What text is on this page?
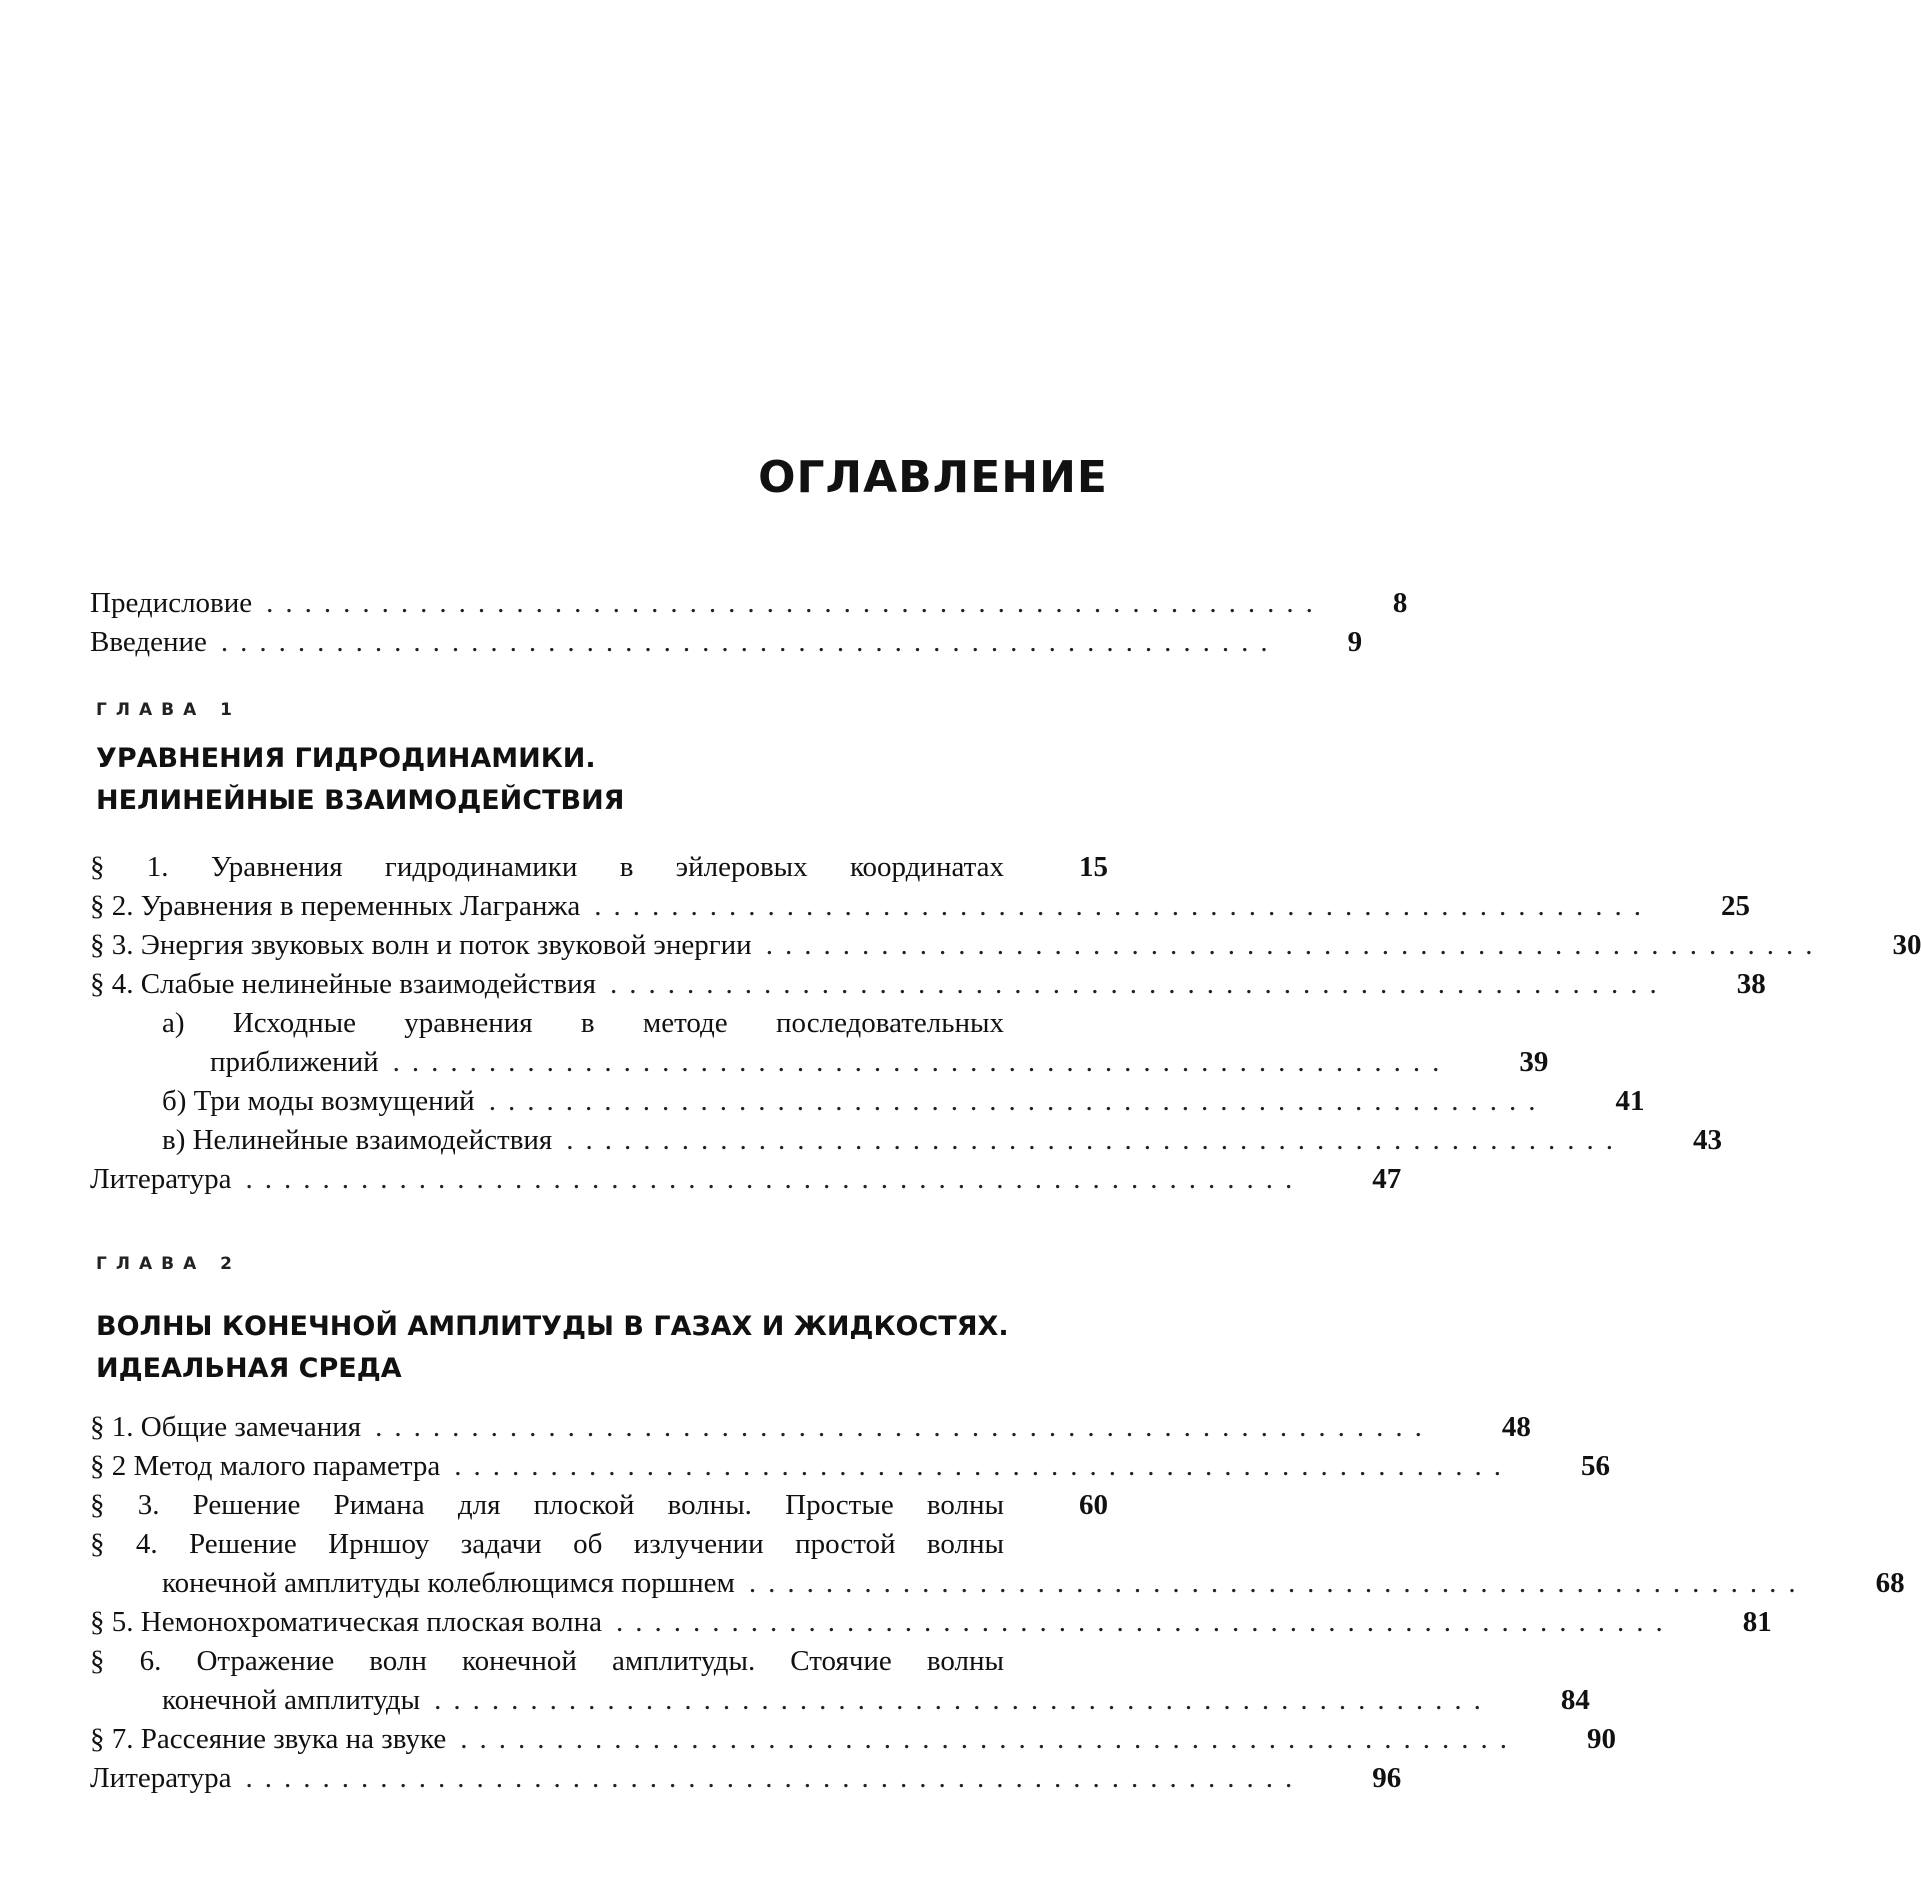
ОГЛАВЛЕНИЕ
Предисловие ....................................................... 8
Введение ....................................................... 9
ГЛАВА 1
УРАВНЕНИЯ ГИДРОДИНАМИКИ.
НЕЛИНЕЙНЫЕ ВЗАИМОДЕЙСТВИЯ
§ 1. Уравнения гидродинамики в эйлеровых координатах	15
§ 2. Уравнения в переменных Лагранжа ....................................................... 25
§ 3. Энергия звуковых волн и поток звуковой энергии ....................................................... 30
§ 4. Слабые нелинейные взаимодействия ....................................................... 38
а) Исходные уравнения в методе последовательных
приближений ....................................................... 39
б) Три моды возмущений ....................................................... 41
в) Нелинейные взаимодействия ....................................................... 43
Литература ....................................................... 47
ГЛАВА 2
ВОЛНЫ КОНЕЧНОЙ АМПЛИТУДЫ В ГАЗАХ И ЖИДКОСТЯХ.
ИДЕАЛЬНАЯ СРЕДА
§ 1. Общие замечания ....................................................... 48
§ 2 Метод малого параметра ....................................................... 56
§ 3. Решение Римана для плоской волны. Простые волны	60
§ 4. Решение Ирншоу задачи об излучении простой волны
конечной амплитуды колеблющимся поршнем ....................................................... 68
§ 5. Немонохроматическая плоская волна ....................................................... 81
§ 6. Отражение волн конечной амплитуды. Стоячие волны
конечной амплитуды ....................................................... 84
§ 7. Рассеяние звука на звуке ....................................................... 90
Литература ....................................................... 96
